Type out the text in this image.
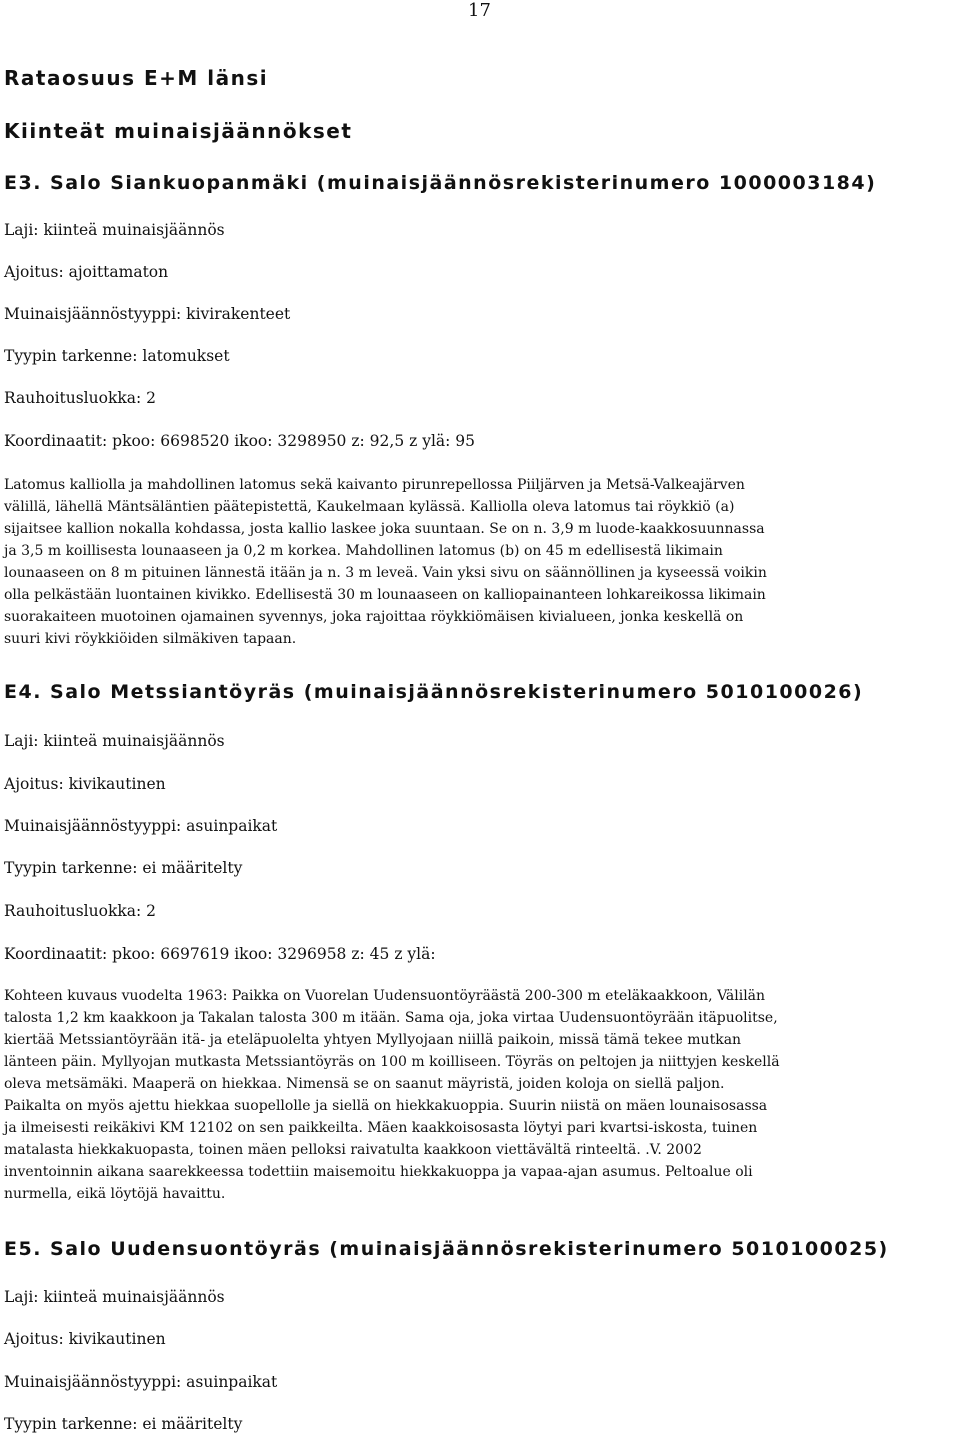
17
Rataosuus E+M länsi
Kiinteät muinaisjäännökset
E3. Salo Siankuopanmäki (muinaisjäännösrekisterinumero 1000003184)
Laji: kiinteä muinaisjäännös
Ajoitus: ajoittamaton
Muinaisjäännöstyyppi: kivirakenteet
Tyypin tarkenne: latomukset
Rauhoitusluokka: 2
Koordinaatit: pkoo: 6698520 ikoo: 3298950 z: 92,5 z ylä: 95
Latomus kalliolla ja mahdollinen latomus sekä kaivanto pirunrepellossa Piiljärven ja Metsä-Valkeajärven
välillä, lähellä Mäntsäläntien päätepistettä, Kaukelmaan kylässä. Kalliolla oleva latomus tai röykkiö (a)
sijaitsee kallion nokalla kohdassa, josta kallio laskee joka suuntaan. Se on n. 3,9 m luode-kaakkosuunnassa
ja 3,5 m koillisesta lounaaseen ja 0,2 m korkea. Mahdollinen latomus (b) on 45 m edellisestä likimain
lounaaseen on 8 m pituinen lännestä itään ja n. 3 m leveä. Vain yksi sivu on säännöllinen ja kyseessä voikin
olla pelkästään luontainen kivikko. Edellisestä 30 m lounaaseen on kalliopainanteen lohkareikossa likimain
suorakaiteen muotoinen ojamainen syvennys, joka rajoittaa röykkiömäisen kivialueen, jonka keskellä on
suuri kivi röykkiöiden silmäkiven tapaan.
E4. Salo Metssiantöyräs (muinaisjäännösrekisterinumero 5010100026)
Laji: kiinteä muinaisjäännös
Ajoitus: kivikautinen
Muinaisjäännöstyyppi: asuinpaikat
Tyypin tarkenne: ei määritelty
Rauhoitusluokka: 2
Koordinaatit: pkoo: 6697619 ikoo: 3296958 z: 45 z ylä:
Kohteen kuvaus vuodelta 1963: Paikka on Vuorelan Uudensuontöyräästä 200-300 m eteläkaakkoon, Välilän
talosta 1,2 km kaakkoon ja Takalan talosta 300 m itään. Sama oja, joka virtaa Uudensuontöyrään itäpuolitse,
kiertää Metssiantöyrään itä- ja eteläpuolelta yhtyen Myllyojaan niillä paikoin, missä tämä tekee mutkan
länteen päin. Myllyojan mutkasta Metssiantöyräs on 100 m koilliseen. Töyräs on peltojen ja niittyjen keskellä
oleva metsämäki. Maaperä on hiekkaa. Nimensä se on saanut mäyristä, joiden koloja on siellä paljon.
Paikalta on myös ajettu hiekkaa suopellolle ja siellä on hiekkakuoppia. Suurin niistä on mäen lounaisosassa
ja ilmeisesti reikäkivi KM 12102 on sen paikkeilta. Mäen kaakkoisosasta löytyi pari kvartsi-iskosta, tuinen
matalasta hiekkakuopasta, toinen mäen pelloksi raivatulta kaakkoon viettävältä rinteeltä. .V. 2002
inventoinnin aikana saarekkeessa todettiin maisemoitu hiekkakuoppa ja vapaa-ajan asumus. Peltoalue oli
nurmella, eikä löytöjä havaittu.
E5. Salo Uudensuontöyräs (muinaisjäännösrekisterinumero 5010100025)
Laji: kiinteä muinaisjäännös
Ajoitus: kivikautinen
Muinaisjäännöstyyppi: asuinpaikat
Tyypin tarkenne: ei määritelty
